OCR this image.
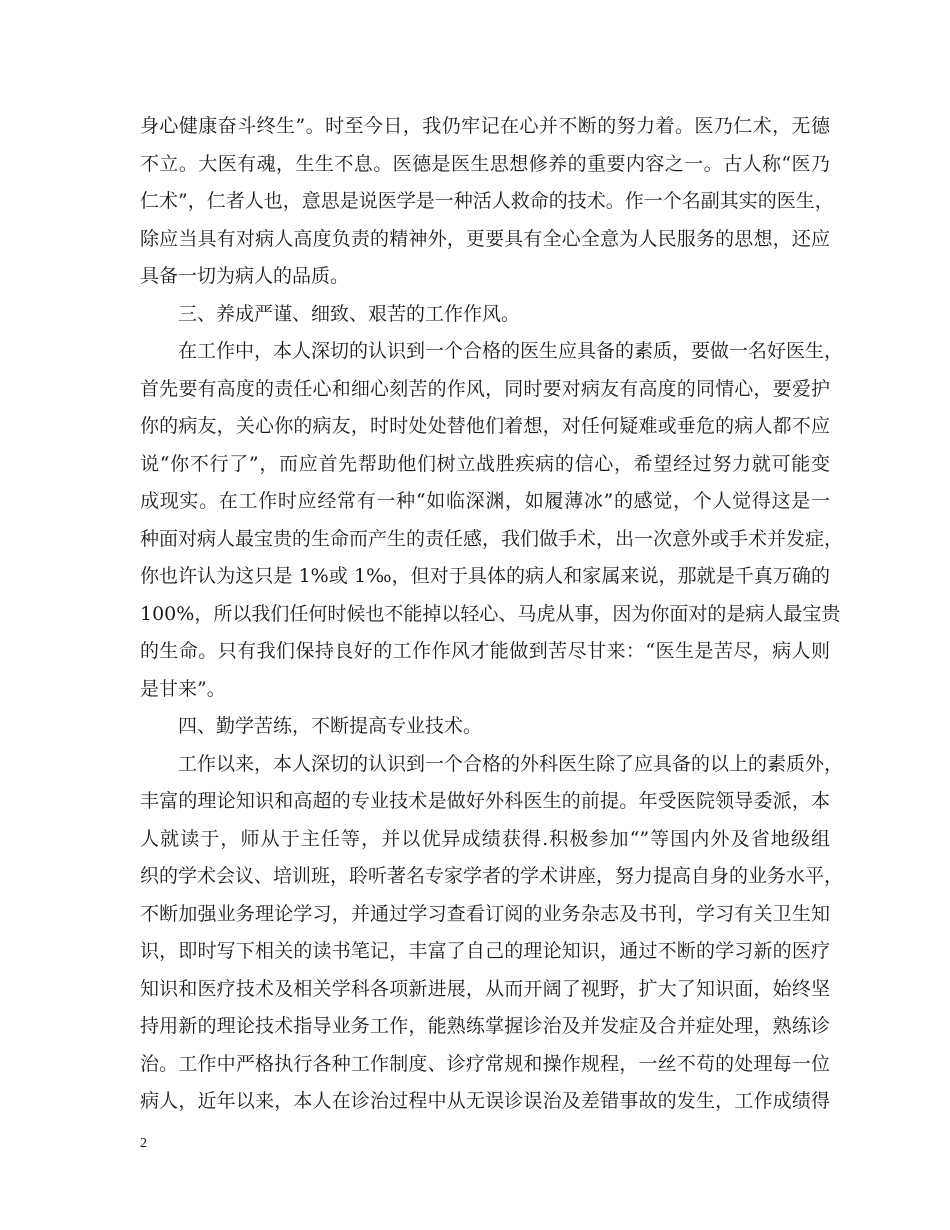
身心健康奋斗终生”。时至今日，我仍牢记在心并不断的努力着。医乃仁术，无德
不立。大医有魂，生生不息。医德是医生思想修养的重要内容之一。古人称“医乃
仁术”，仁者人也，意思是说医学是一种活人救命的技术。作一个名副其实的医生，
除应当具有对病人高度负责的精神外，更要具有全心全意为人民服务的思想，还应
具备一切为病人的品质。
三、养成严谨、细致、艰苦的工作作风。
在工作中，本人深切的认识到一个合格的医生应具备的素质，要做一名好医生，
首先要有高度的责任心和细心刻苦的作风，同时要对病友有高度的同情心，要爱护
你的病友，关心你的病友，时时处处替他们着想，对任何疑难或垂危的病人都不应
说“你不行了”，而应首先帮助他们树立战胜疾病的信心，希望经过努力就可能变
成现实。在工作时应经常有一种“如临深渊，如履薄冰”的感觉，个人觉得这是一
种面对病人最宝贵的生命而产生的责任感，我们做手术，出一次意外或手术并发症，
你也许认为这只是 1%或 1‰，但对于具体的病人和家属来说，那就是千真万确的
100%，所以我们任何时候也不能掉以轻心、马虎从事，因为你面对的是病人最宝贵
的生命。只有我们保持良好的工作作风才能做到苦尽甘来：“医生是苦尽，病人则
是甘来”。
四、勤学苦练，不断提高专业技术。
工作以来，本人深切的认识到一个合格的外科医生除了应具备的以上的素质外，
丰富的理论知识和高超的专业技术是做好外科医生的前提。年受医院领导委派，本
人就读于，师从于主任等，并以优异成绩获得.积极参加“”等国内外及省地级组
织的学术会议、培训班，聆听著名专家学者的学术讲座，努力提高自身的业务水平，
不断加强业务理论学习，并通过学习查看订阅的业务杂志及书刊，学习有关卫生知
识，即时写下相关的读书笔记，丰富了自己的理论知识，通过不断的学习新的医疗
知识和医疗技术及相关学科各项新进展，从而开阔了视野，扩大了知识面，始终坚
持用新的理论技术指导业务工作，能熟练掌握诊治及并发症及合并症处理，熟练诊
治。工作中严格执行各种工作制度、诊疗常规和操作规程，一丝不苟的处理每一位
病人，近年以来，本人在诊治过程中从无误诊误治及差错事故的发生，工作成绩得
2
